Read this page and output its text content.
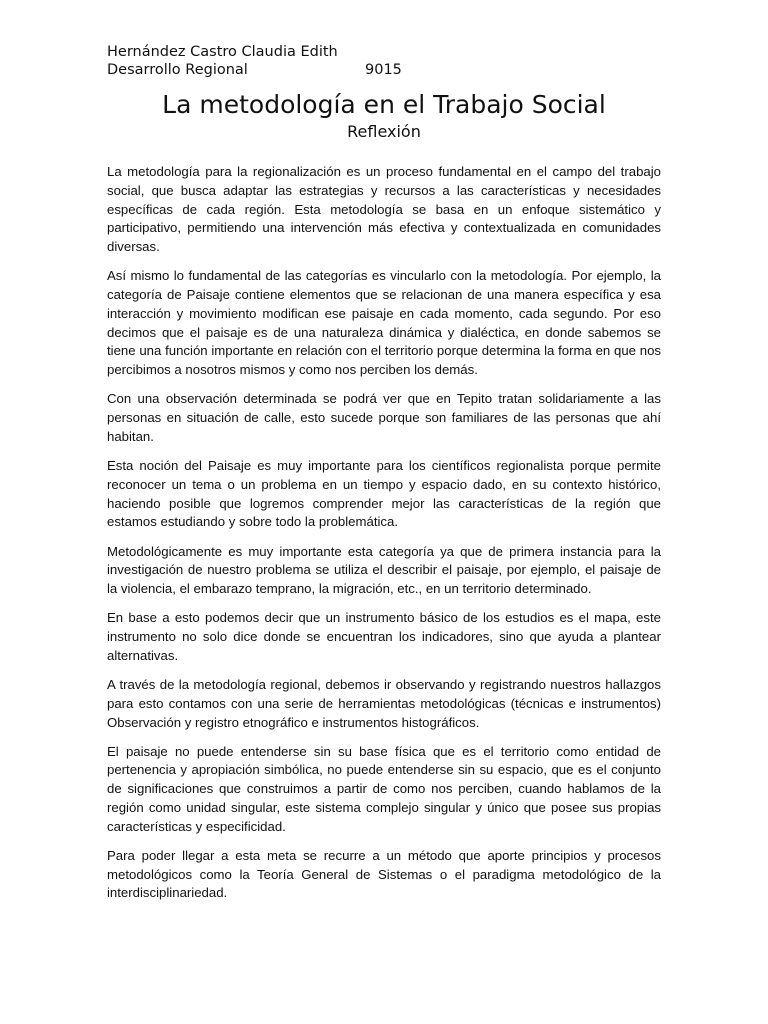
Hernández Castro Claudia Edith
Desarrollo Regional	9015
La metodología en el Trabajo Social
Reflexión

La metodología para la regionalización es un proceso fundamental en el campo del trabajo social, que busca adaptar las estrategias y recursos a las características y necesidades específicas de cada región. Esta metodología se basa en un enfoque sistemático y participativo, permitiendo una intervención más efectiva y contextualizada en comunidades diversas.

Así mismo lo fundamental de las categorías es vincularlo con la metodología. Por ejemplo, la categoría de Paisaje contiene elementos que se relacionan de una manera específica y esa interacción y movimiento modifican ese paisaje en cada momento, cada segundo. Por eso decimos que el paisaje es de una naturaleza dinámica y dialéctica, en donde sabemos se tiene una función importante en relación con el territorio porque determina la forma en que nos percibimos a nosotros mismos y como nos perciben los demás.

Con una observación determinada se podrá ver que en Tepito tratan solidariamente a las personas en situación de calle, esto sucede porque son familiares de las personas que ahí habitan.

Esta noción del Paisaje es muy importante para los científicos regionalista porque permite reconocer un tema o un problema en un tiempo y espacio dado, en su contexto histórico, haciendo posible que logremos comprender mejor las características de la región que estamos estudiando y sobre todo la problemática.

Metodológicamente es muy importante esta categoría ya que de primera instancia para la investigación de nuestro problema se utiliza el describir el paisaje, por ejemplo, el paisaje de la violencia, el embarazo temprano, la migración, etc., en un territorio determinado.

En base a esto podemos decir que un instrumento básico de los estudios es el mapa, este instrumento no solo dice donde se encuentran los indicadores, sino que ayuda a plantear alternativas.

A través de la metodología regional, debemos ir observando y registrando nuestros hallazgos para esto contamos con una serie de herramientas metodológicas (técnicas e instrumentos) Observación y registro etnográfico e instrumentos histográficos.

El paisaje no puede entenderse sin su base física que es el territorio como entidad de pertenencia y apropiación simbólica, no puede entenderse sin su espacio, que es el conjunto de significaciones que construimos a partir de como nos perciben, cuando hablamos de la región como unidad singular, este sistema complejo singular y único que posee sus propias características y especificidad.

Para poder llegar a esta meta se recurre a un método que aporte principios y procesos metodológicos como la Teoría General de Sistemas o el paradigma metodológico de la interdisciplinariedad.
